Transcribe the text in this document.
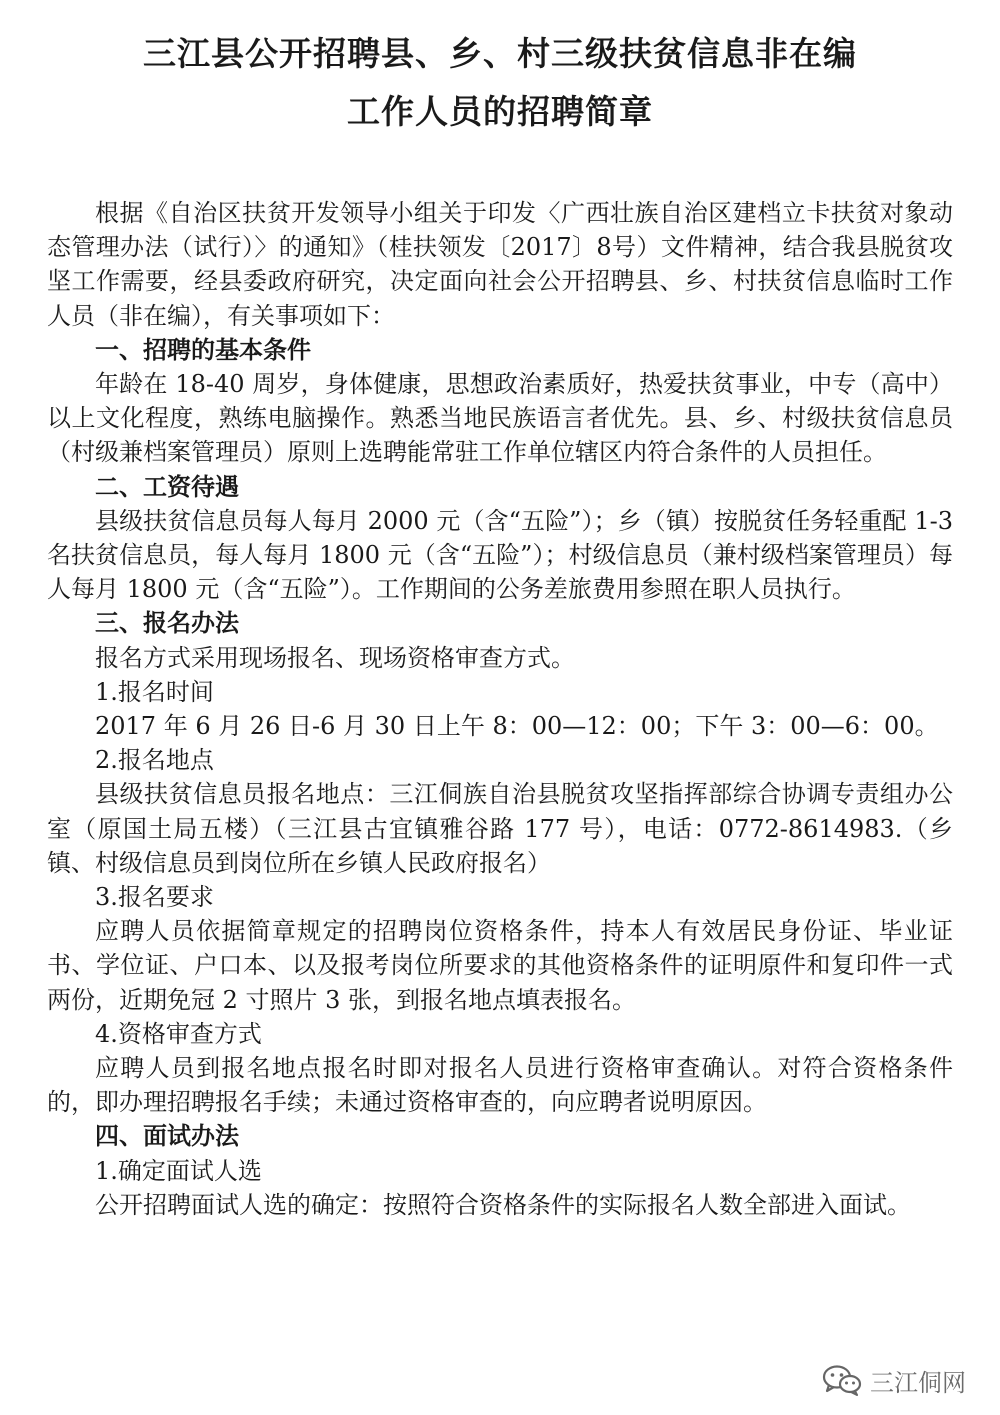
三江县公开招聘县、乡、村三级扶贫信息非在编
工作人员的招聘简章

根据《自治区扶贫开发领导小组关于印发〈广西壮族自治区建档立卡扶贫对象动态管理办法（试行）〉的通知》（桂扶领发〔2017〕8号）文件精神，结合我县脱贫攻坚工作需要，经县委政府研究，决定面向社会公开招聘县、乡、村扶贫信息临时工作人员（非在编），有关事项如下：

一、招聘的基本条件

年龄在 18-40 周岁，身体健康，思想政治素质好，热爱扶贫事业，中专（高中）以上文化程度，熟练电脑操作。熟悉当地民族语言者优先。县、乡、村级扶贫信息员（村级兼档案管理员）原则上选聘能常驻工作单位辖区内符合条件的人员担任。

二、工资待遇

县级扶贫信息员每人每月 2000 元（含“五险”）；乡（镇）按脱贫任务轻重配 1-3 名扶贫信息员，每人每月 1800 元（含“五险”）；村级信息员（兼村级档案管理员）每人每月 1800 元（含“五险”）。工作期间的公务差旅费用参照在职人员执行。

三、报名办法

报名方式采用现场报名、现场资格审查方式。

1.报名时间

2017 年 6 月 26 日-6 月 30 日上午 8：00—12：00；下午 3：00—6：00。

2.报名地点

县级扶贫信息员报名地点：三江侗族自治县脱贫攻坚指挥部综合协调专责组办公室（原国土局五楼）（三江县古宜镇雅谷路 177 号），电话：0772-8614983.（乡镇、村级信息员到岗位所在乡镇人民政府报名）

3.报名要求

应聘人员依据简章规定的招聘岗位资格条件，持本人有效居民身份证、毕业证书、学位证、户口本、以及报考岗位所要求的其他资格条件的证明原件和复印件一式两份，近期免冠 2 寸照片 3 张，到报名地点填表报名。

4.资格审查方式

应聘人员到报名地点报名时即对报名人员进行资格审查确认。对符合资格条件的，即办理招聘报名手续；未通过资格审查的，向应聘者说明原因。

四、面试办法

1.确定面试人选

公开招聘面试人选的确定：按照符合资格条件的实际报名人数全部进入面试。

三江侗网
